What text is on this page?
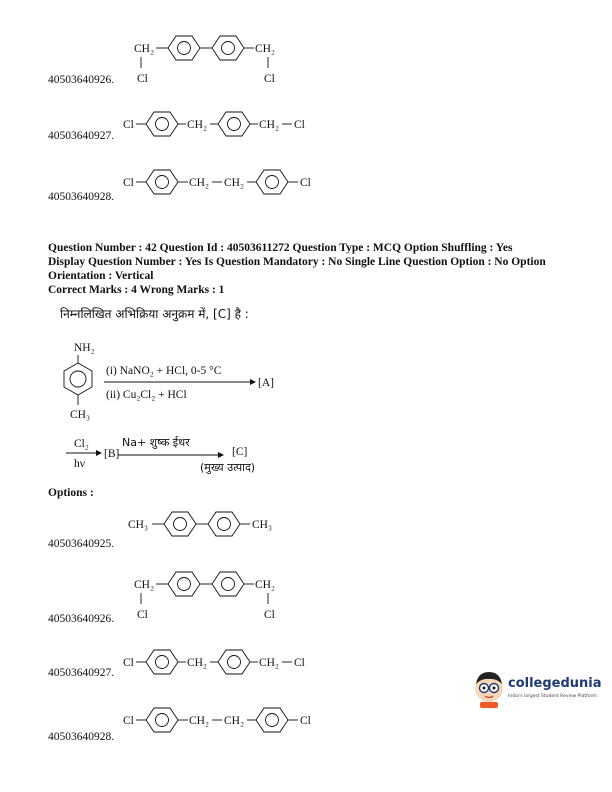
CH₂
Cl
CH₂
Cl
40503640926.
Cl	CH₂	CH₂ Cl
40503640927.
Cl	CH₂ CH₂	Cl
40503640928.
Question Number : 42 Question Id : 40503611272 Question Type : MCQ Option Shuffling : Yes
Display Question Number : Yes Is Question Mandatory : No Single Line Question Option : No Option
Orientation : Vertical
Correct Marks : 4 Wrong Marks : 1
निम्नलिखित अभिक्रिया अनुक्रम में, [C] है :
NH₂
CH₃
(i) NaNO₂ + HCl, 0-5 °C
[A]
(ii) Cu₂Cl₂ + HCl
Cl₂
hν
[B]
Na+ शुष्क ईथर
[C]
(मुख्य उत्पाद)
Options :
CH₃	CH₃
40503640925.
CH₂
Cl
CH₂
Cl
40503640926.
Cl	CH₂	CH₂ Cl
40503640927.
Cl	CH₂ CH₂	Cl
40503640928.
collegedunia
India's largest Student Review Platform
